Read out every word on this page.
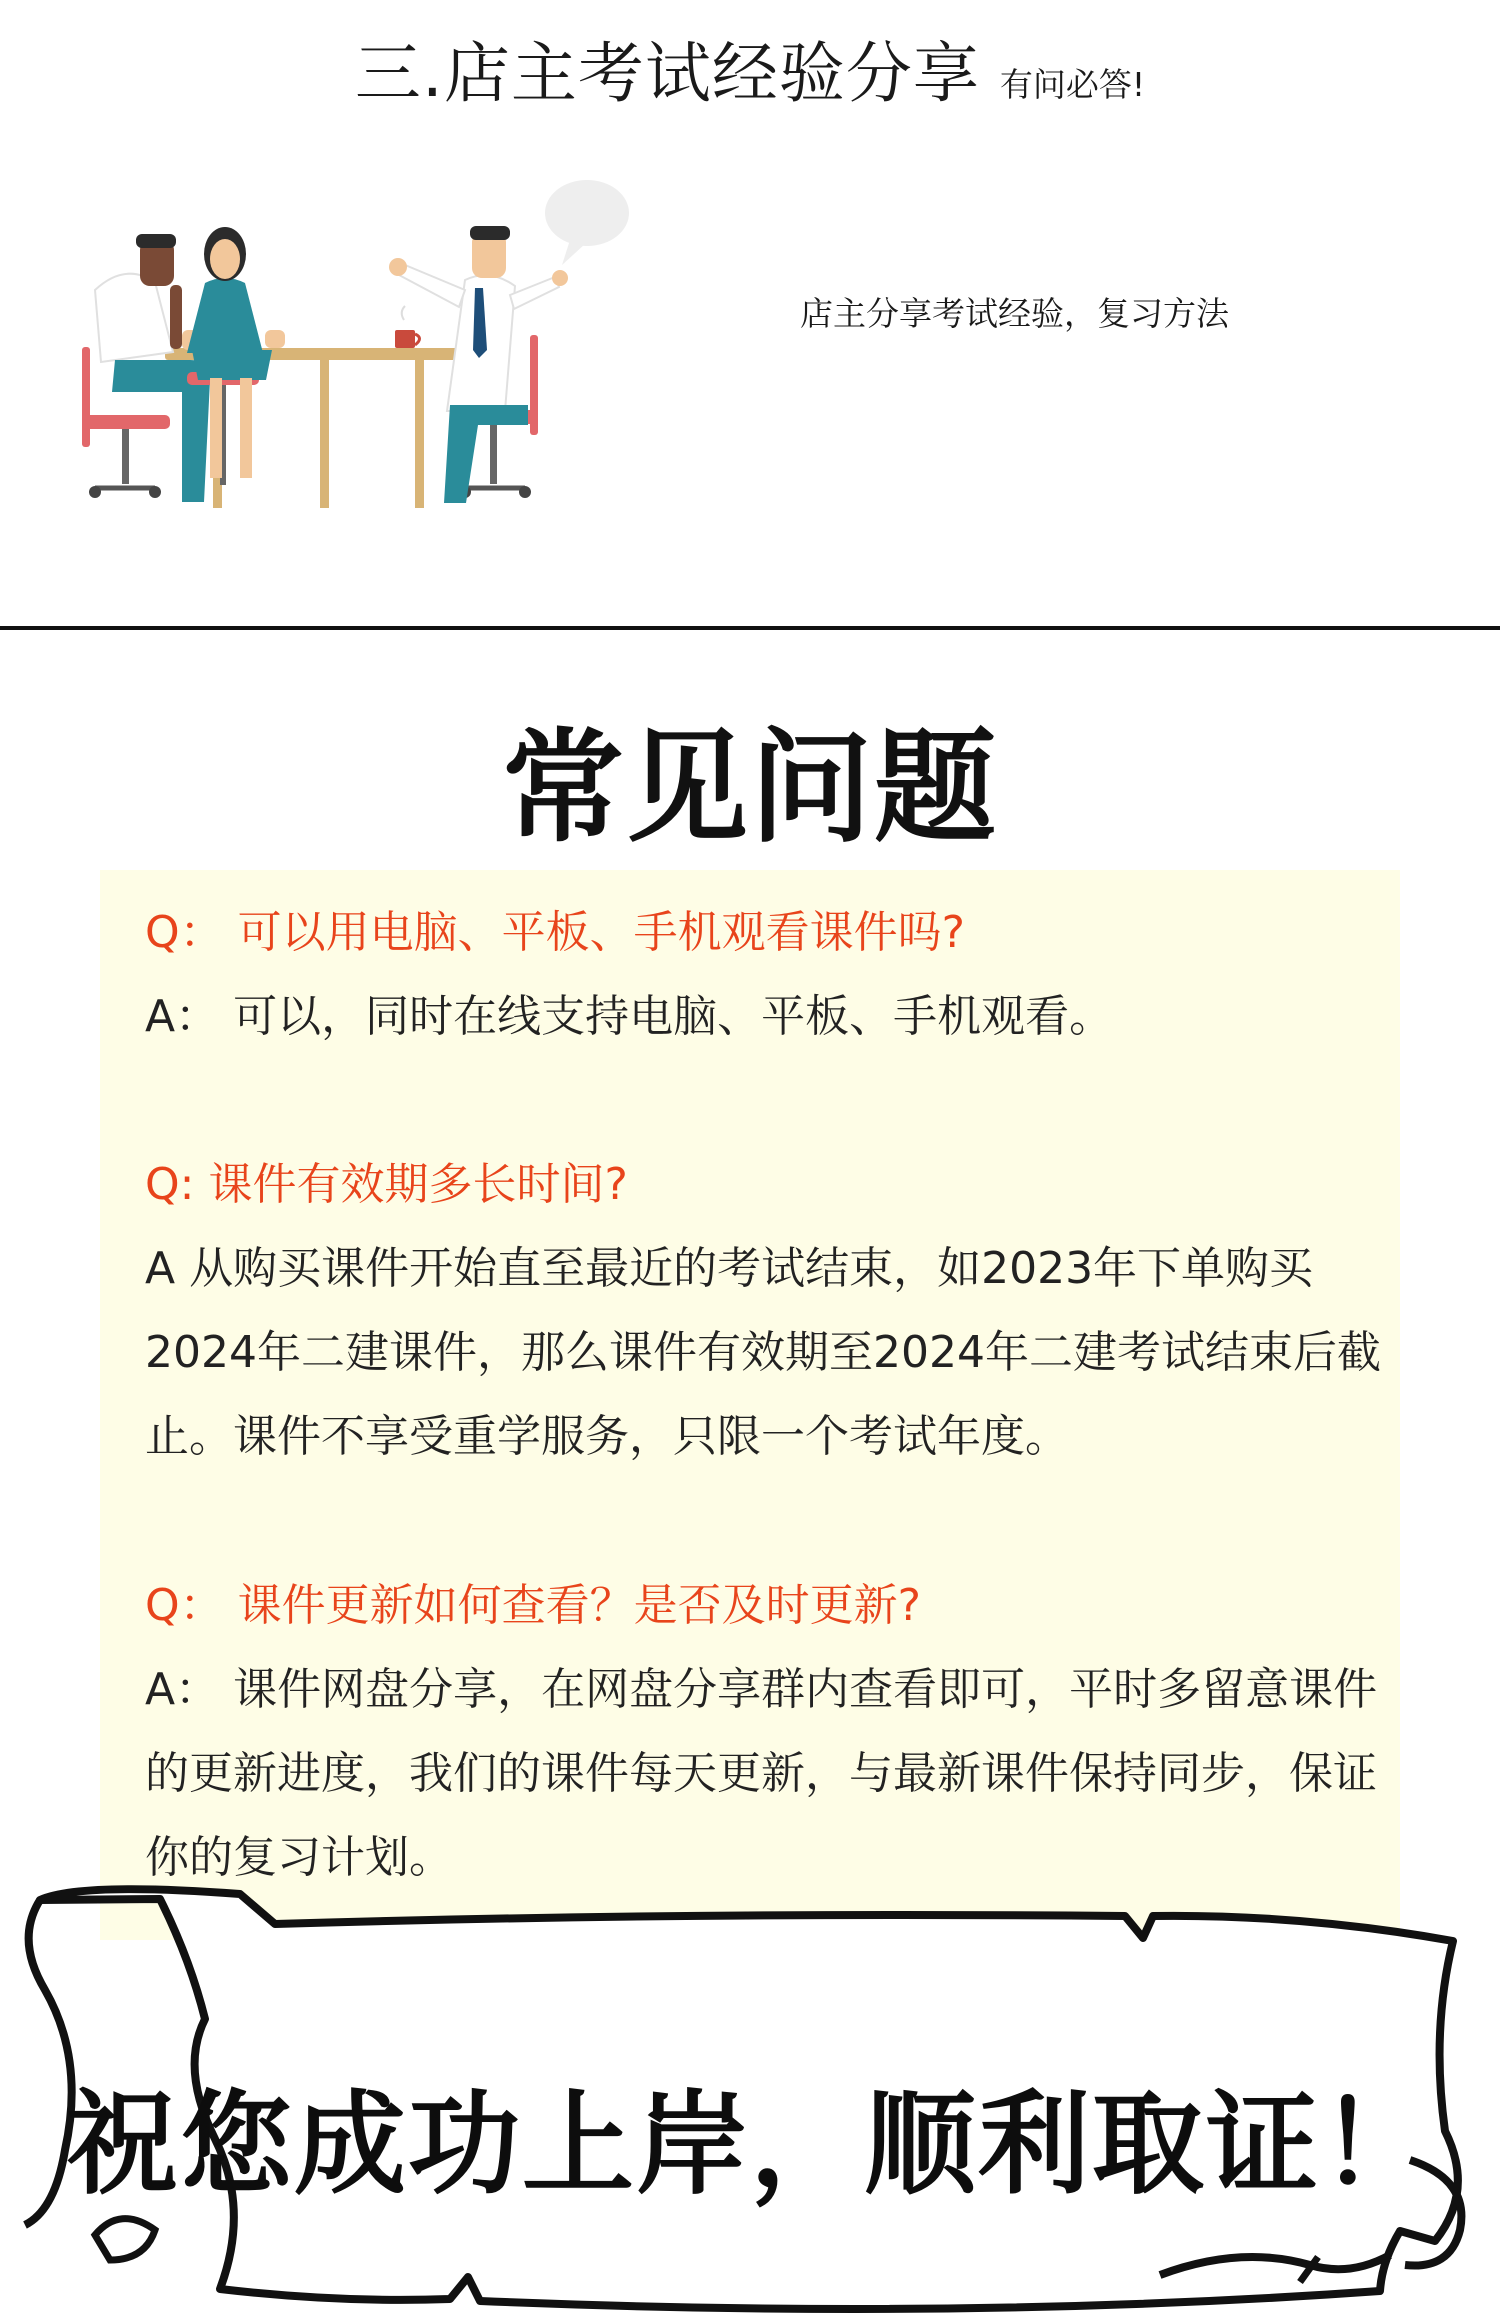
三.店主考试经验分享 有问必答!
店主分享考试经验，复习方法
常见问题
Q： 可以用电脑、平板、手机观看课件吗?
A： 可以，同时在线支持电脑、平板、手机观看。
Q: 课件有效期多长时间?
A 从购买课件开始直至最近的考试结束，如2023年下单购买2024年二建课件，那么课件有效期至2024年二建考试结束后截止。课件不享受重学服务，只限一个考试年度。
Q： 课件更新如何查看？是否及时更新?
A： 课件网盘分享，在网盘分享群内查看即可，平时多留意课件的更新进度，我们的课件每天更新，与最新课件保持同步，保证你的复习计划。
祝您成功上岸，顺利取证！
